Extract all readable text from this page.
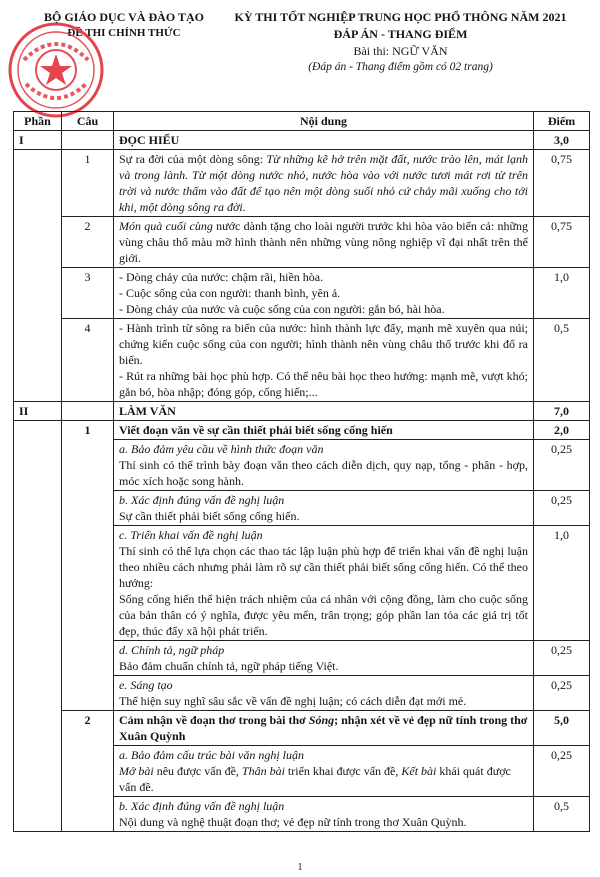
BỘ GIÁO DỤC VÀ ĐÀO TẠO
ĐỀ THI CHÍNH THỨC
KỲ THI TỐT NGHIỆP TRUNG HỌC PHỔ THÔNG NĂM 2021
ĐÁP ÁN - THANG ĐIỂM
Bài thi: NGỮ VĂN
(Đáp án - Thang điểm gồm có 02 trang)
Phần	Câu	Nội dung	Điểm
I		ĐỌC HIỂU	3,0
	1	Sự ra đời của một dòng sông: Từ những kẽ hở trên mặt đất, nước trào lên, mát lạnh và trong lành. Từ một dòng nước nhỏ, nước hòa vào với nước tươi mát rơi từ trên trời và nước thấm vào đất để tạo nên một dòng suối nhỏ cứ chảy mãi xuống cho tới khi, một dòng sông ra đời.	0,75
	2	Món quà cuối cùng nước dành tặng cho loài người trước khi hòa vào biển cả: những vùng châu thổ màu mỡ hình thành nên những vùng nông nghiệp vĩ đại nhất trên thế giới.	0,75
	3	- Dòng chảy của nước: chậm rãi, hiền hòa.
- Cuộc sống của con người: thanh bình, yên ả.
- Dòng chảy của nước và cuộc sống của con người: gắn bó, hài hòa.	1,0
	4	- Hành trình từ sông ra biển của nước: hình thành lực đẩy, mạnh mẽ xuyên qua núi; chứng kiến cuộc sống của con người; hình thành nên vùng châu thổ trước khi đổ ra biển.
- Rút ra những bài học phù hợp. Có thể nêu bài học theo hướng: mạnh mẽ, vượt khó; gắn bó, hòa nhập; đóng góp, cống hiến;...	0,5
II		LÀM VĂN	7,0
	1	Viết đoạn văn về sự cần thiết phải biết sống cống hiến	2,0

		a. Bảo đảm yêu cầu về hình thức đoạn văn
Thí sinh có thể trình bày đoạn văn theo cách diễn dịch, quy nạp, tổng - phân - hợp, móc xích hoặc song hành.	0,25

		b. Xác định đúng vấn đề nghị luận
Sự cần thiết phải biết sống cống hiến.	0,25

		c. Triển khai vấn đề nghị luận
Thí sinh có thể lựa chọn các thao tác lập luận phù hợp để triển khai vấn đề nghị luận theo nhiều cách nhưng phải làm rõ sự cần thiết phải biết sống cống hiến. Có thể theo hướng:
Sống cống hiến thể hiện trách nhiệm của cá nhân với cộng đồng, làm cho cuộc sống của bản thân có ý nghĩa, được yêu mến, trân trọng; góp phần lan tỏa các giá trị tốt đẹp, thúc đẩy xã hội phát triển.	1,0

		d. Chính tả, ngữ pháp
Bảo đảm chuẩn chính tả, ngữ pháp tiếng Việt.	0,25

		e. Sáng tạo
Thể hiện suy nghĩ sâu sắc về vấn đề nghị luận; có cách diễn đạt mới mẻ.	0,25
	2	Cảm nhận về đoạn thơ trong bài thơ Sóng; nhận xét về vẻ đẹp nữ tính trong thơ Xuân Quỳnh	5,0

		a. Bảo đảm cấu trúc bài văn nghị luận
Mở bài nêu được vấn đề, Thân bài triển khai được vấn đề, Kết bài khái quát được vấn đề.	0,25

		b. Xác định đúng vấn đề nghị luận
Nội dung và nghệ thuật đoạn thơ; vẻ đẹp nữ tính trong thơ Xuân Quỳnh.	0,5
1
